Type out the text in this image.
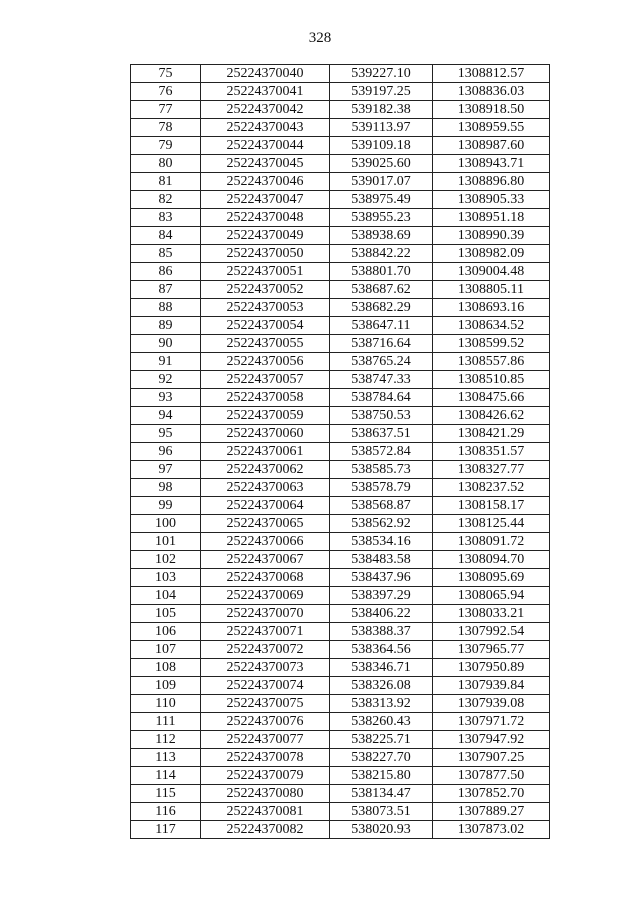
328
75	25224370040	539227.10	1308812.57
76	25224370041	539197.25	1308836.03
77	25224370042	539182.38	1308918.50
78	25224370043	539113.97	1308959.55
79	25224370044	539109.18	1308987.60
80	25224370045	539025.60	1308943.71
81	25224370046	539017.07	1308896.80
82	25224370047	538975.49	1308905.33
83	25224370048	538955.23	1308951.18
84	25224370049	538938.69	1308990.39
85	25224370050	538842.22	1308982.09
86	25224370051	538801.70	1309004.48
87	25224370052	538687.62	1308805.11
88	25224370053	538682.29	1308693.16
89	25224370054	538647.11	1308634.52
90	25224370055	538716.64	1308599.52
91	25224370056	538765.24	1308557.86
92	25224370057	538747.33	1308510.85
93	25224370058	538784.64	1308475.66
94	25224370059	538750.53	1308426.62
95	25224370060	538637.51	1308421.29
96	25224370061	538572.84	1308351.57
97	25224370062	538585.73	1308327.77
98	25224370063	538578.79	1308237.52
99	25224370064	538568.87	1308158.17
100	25224370065	538562.92	1308125.44
101	25224370066	538534.16	1308091.72
102	25224370067	538483.58	1308094.70
103	25224370068	538437.96	1308095.69
104	25224370069	538397.29	1308065.94
105	25224370070	538406.22	1308033.21
106	25224370071	538388.37	1307992.54
107	25224370072	538364.56	1307965.77
108	25224370073	538346.71	1307950.89
109	25224370074	538326.08	1307939.84
110	25224370075	538313.92	1307939.08
111	25224370076	538260.43	1307971.72
112	25224370077	538225.71	1307947.92
113	25224370078	538227.70	1307907.25
114	25224370079	538215.80	1307877.50
115	25224370080	538134.47	1307852.70
116	25224370081	538073.51	1307889.27
117	25224370082	538020.93	1307873.02
